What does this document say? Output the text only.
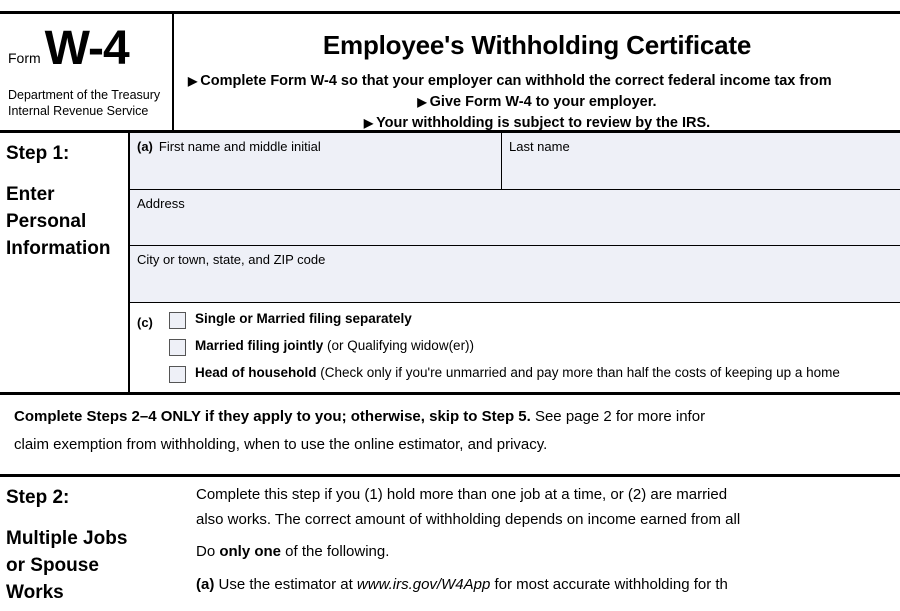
Form W-4
Department of the Treasury
Internal Revenue Service
Employee's Withholding Certificate
▶ Complete Form W-4 so that your employer can withhold the correct federal income tax from
▶ Give Form W-4 to your employer.
▶ Your withholding is subject to review by the IRS.
Step 1:
Enter
Personal
Information
(a) First name and middle initial	Last name
Address
City or town, state, and ZIP code
(c)	Single or Married filing separately
Married filing jointly (or Qualifying widow(er))
Head of household (Check only if you're unmarried and pay more than half the costs of keeping up a home

Complete Steps 2–4 ONLY if they apply to you; otherwise, skip to Step 5. See page 2 for more infor

claim exemption from withholding, when to use the online estimator, and privacy.

Step 2:
Multiple Jobs
or Spouse
Works

Complete this step if you (1) hold more than one job at a time, or (2) are married

also works. The correct amount of withholding depends on income earned from all

Do only one of the following.

(a) Use the estimator at www.irs.gov/W4App for most accurate withholding for th
